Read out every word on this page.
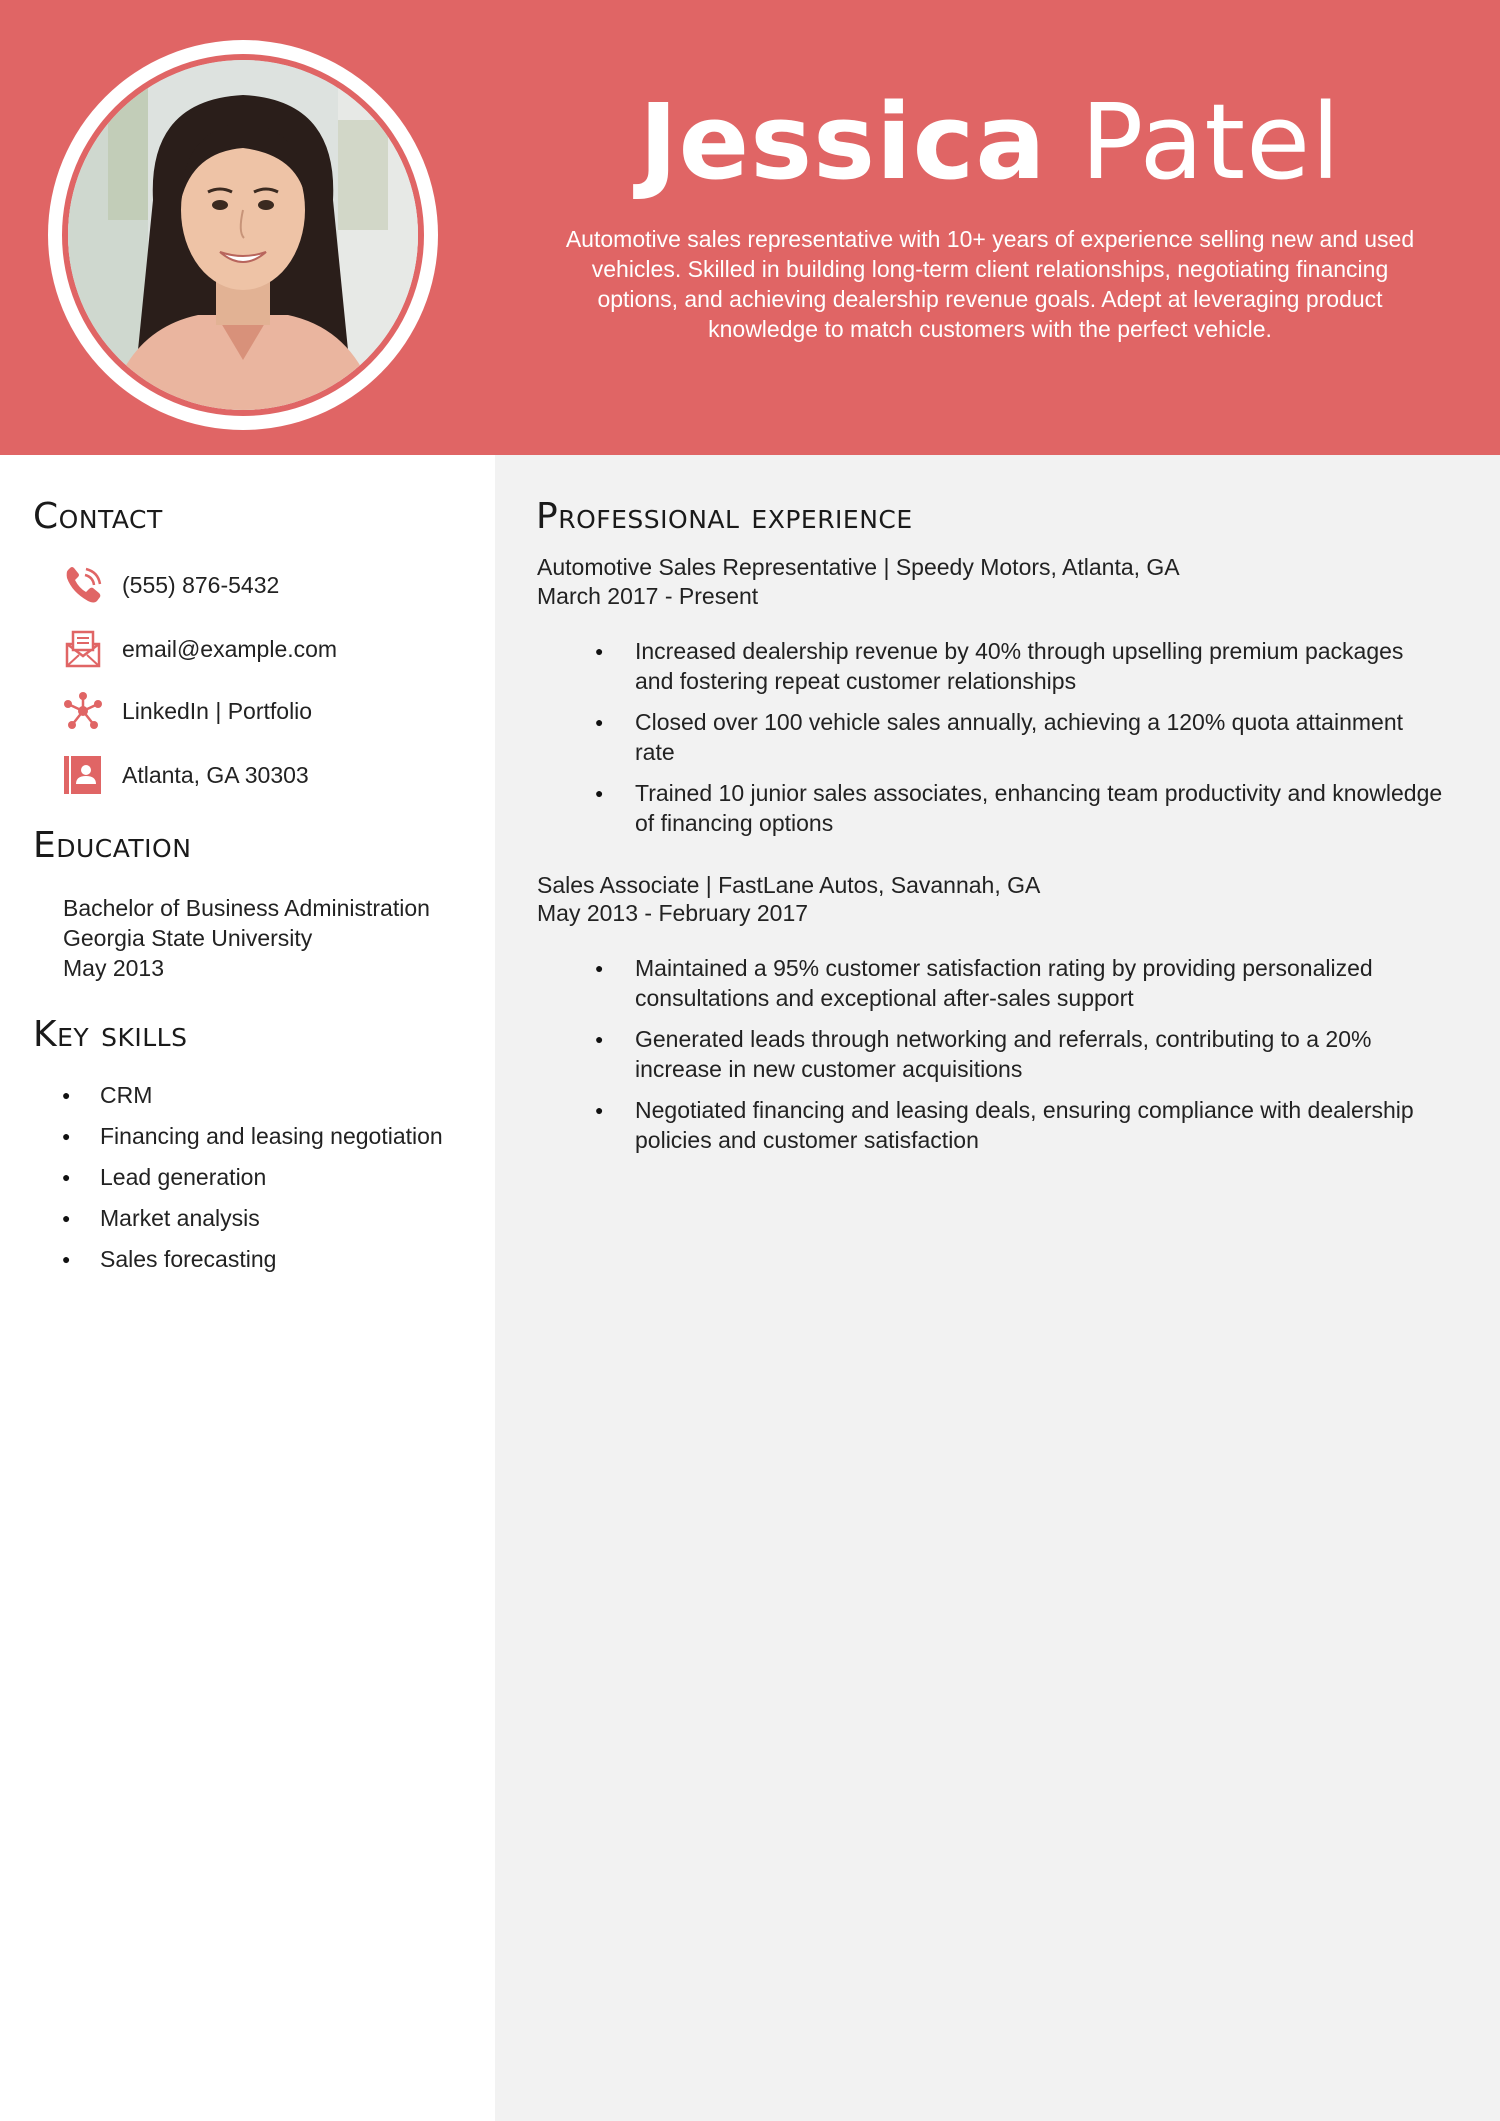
Jessica Patel
Automotive sales representative with 10+ years of experience selling new and used vehicles. Skilled in building long-term client relationships, negotiating financing options, and achieving dealership revenue goals. Adept at leveraging product knowledge to match customers with the perfect vehicle.
Contact
(555) 876-5432
email@example.com
LinkedIn | Portfolio
Atlanta, GA 30303
Education
Bachelor of Business Administration
Georgia State University
May 2013
Key skills
● CRM
● Financing and leasing negotiation
● Lead generation
● Market analysis
● Sales forecasting
Professional experience
Automotive Sales Representative | Speedy Motors, Atlanta, GA
March 2017 - Present
● Increased dealership revenue by 40% through upselling premium packages and fostering repeat customer relationships
● Closed over 100 vehicle sales annually, achieving a 120% quota attainment rate
● Trained 10 junior sales associates, enhancing team productivity and knowledge of financing options
Sales Associate | FastLane Autos, Savannah, GA
May 2013 - February 2017
● Maintained a 95% customer satisfaction rating by providing personalized consultations and exceptional after-sales support
● Generated leads through networking and referrals, contributing to a 20% increase in new customer acquisitions
● Negotiated financing and leasing deals, ensuring compliance with dealership policies and customer satisfaction
